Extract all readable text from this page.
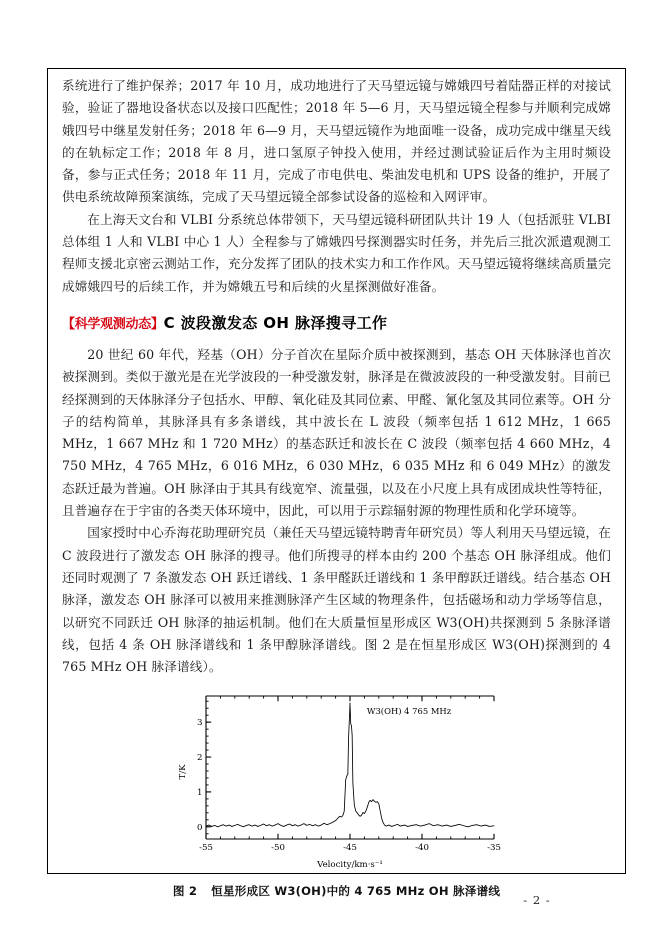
系统进行了维护保养；2017 年 10 月，成功地进行了天马望远镜与嫦娥四号着陆器正样的对接试验，验证了器地设备状态以及接口匹配性；2018 年 5—6 月，天马望远镜全程参与并顺利完成嫦娥四号中继星发射任务；2018 年 6—9 月，天马望远镜作为地面唯一设备，成功完成中继星天线的在轨标定工作；2018 年 8 月，进口氢原子钟投入使用，并经过测试验证后作为主用时频设备，参与正式任务；2018 年 11 月，完成了市电供电、柴油发电机和 UPS 设备的维护，开展了供电系统故障预案演练，完成了天马望远镜全部参试设备的巡检和入网评审。

在上海天文台和 VLBI 分系统总体带领下，天马望远镜科研团队共计 19 人（包括派驻 VLBI 总体组 1 人和 VLBI 中心 1 人）全程参与了嫦娥四号探测器实时任务，并先后三批次派遣观测工程师支援北京密云测站工作，充分发挥了团队的技术实力和工作作风。天马望远镜将继续高质量完成嫦娥四号的后续工作，并为嫦娥五号和后续的火星探测做好准备。

【科学观测动态】C 波段激发态 OH 脉泽搜寻工作

20 世纪 60 年代，羟基（OH）分子首次在星际介质中被探测到，基态 OH 天体脉泽也首次被探测到。类似于激光是在光学波段的一种受激发射，脉泽是在微波波段的一种受激发射。目前已经探测到的天体脉泽分子包括水、甲醇、氧化硅及其同位素、甲醛、氰化氢及其同位素等。OH 分子的结构简单，其脉泽具有多条谱线，其中波长在 L 波段（频率包括 1 612 MHz，1 665 MHz，1 667 MHz 和 1 720 MHz）的基态跃迁和波长在 C 波段（频率包括 4 660 MHz，4 750 MHz，4 765 MHz，6 016 MHz，6 030 MHz，6 035 MHz 和 6 049 MHz）的激发态跃迁最为普遍。OH 脉泽由于其具有线宽窄、流量强，以及在小尺度上具有成团成块性等特征，且普遍存在于宇宙的各类天体环境中，因此，可以用于示踪辐射源的物理性质和化学环境等。

国家授时中心乔海花助理研究员（兼任天马望远镜特聘青年研究员）等人利用天马望远镜，在 C 波段进行了激发态 OH 脉泽的搜寻。他们所搜寻的样本由约 200 个基态 OH 脉泽组成。他们还同时观测了 7 条激发态 OH 跃迁谱线、1 条甲醛跃迁谱线和 1 条甲醇跃迁谱线。结合基态 OH 脉泽，激发态 OH 脉泽可以被用来推测脉泽产生区域的物理条件，包括磁场和动力学场等信息，以研究不同跃迁 OH 脉泽的抽运机制。他们在大质量恒星形成区 W3(OH)共探测到 5 条脉泽谱线，包括 4 条 OH 脉泽谱线和 1 条甲醇脉泽谱线。图 2 是在恒星形成区 W3(OH)探测到的 4 765 MHz OH 脉泽谱线）。

-55	-50	-45	-40	-35
0
1
2
3
W3(OH) 4 765 MHz
Velocity/km·s⁻¹
T/K
图 2 恒星形成区 W3(OH)中的 4 765 MHz OH 脉泽谱线
- 2 -
